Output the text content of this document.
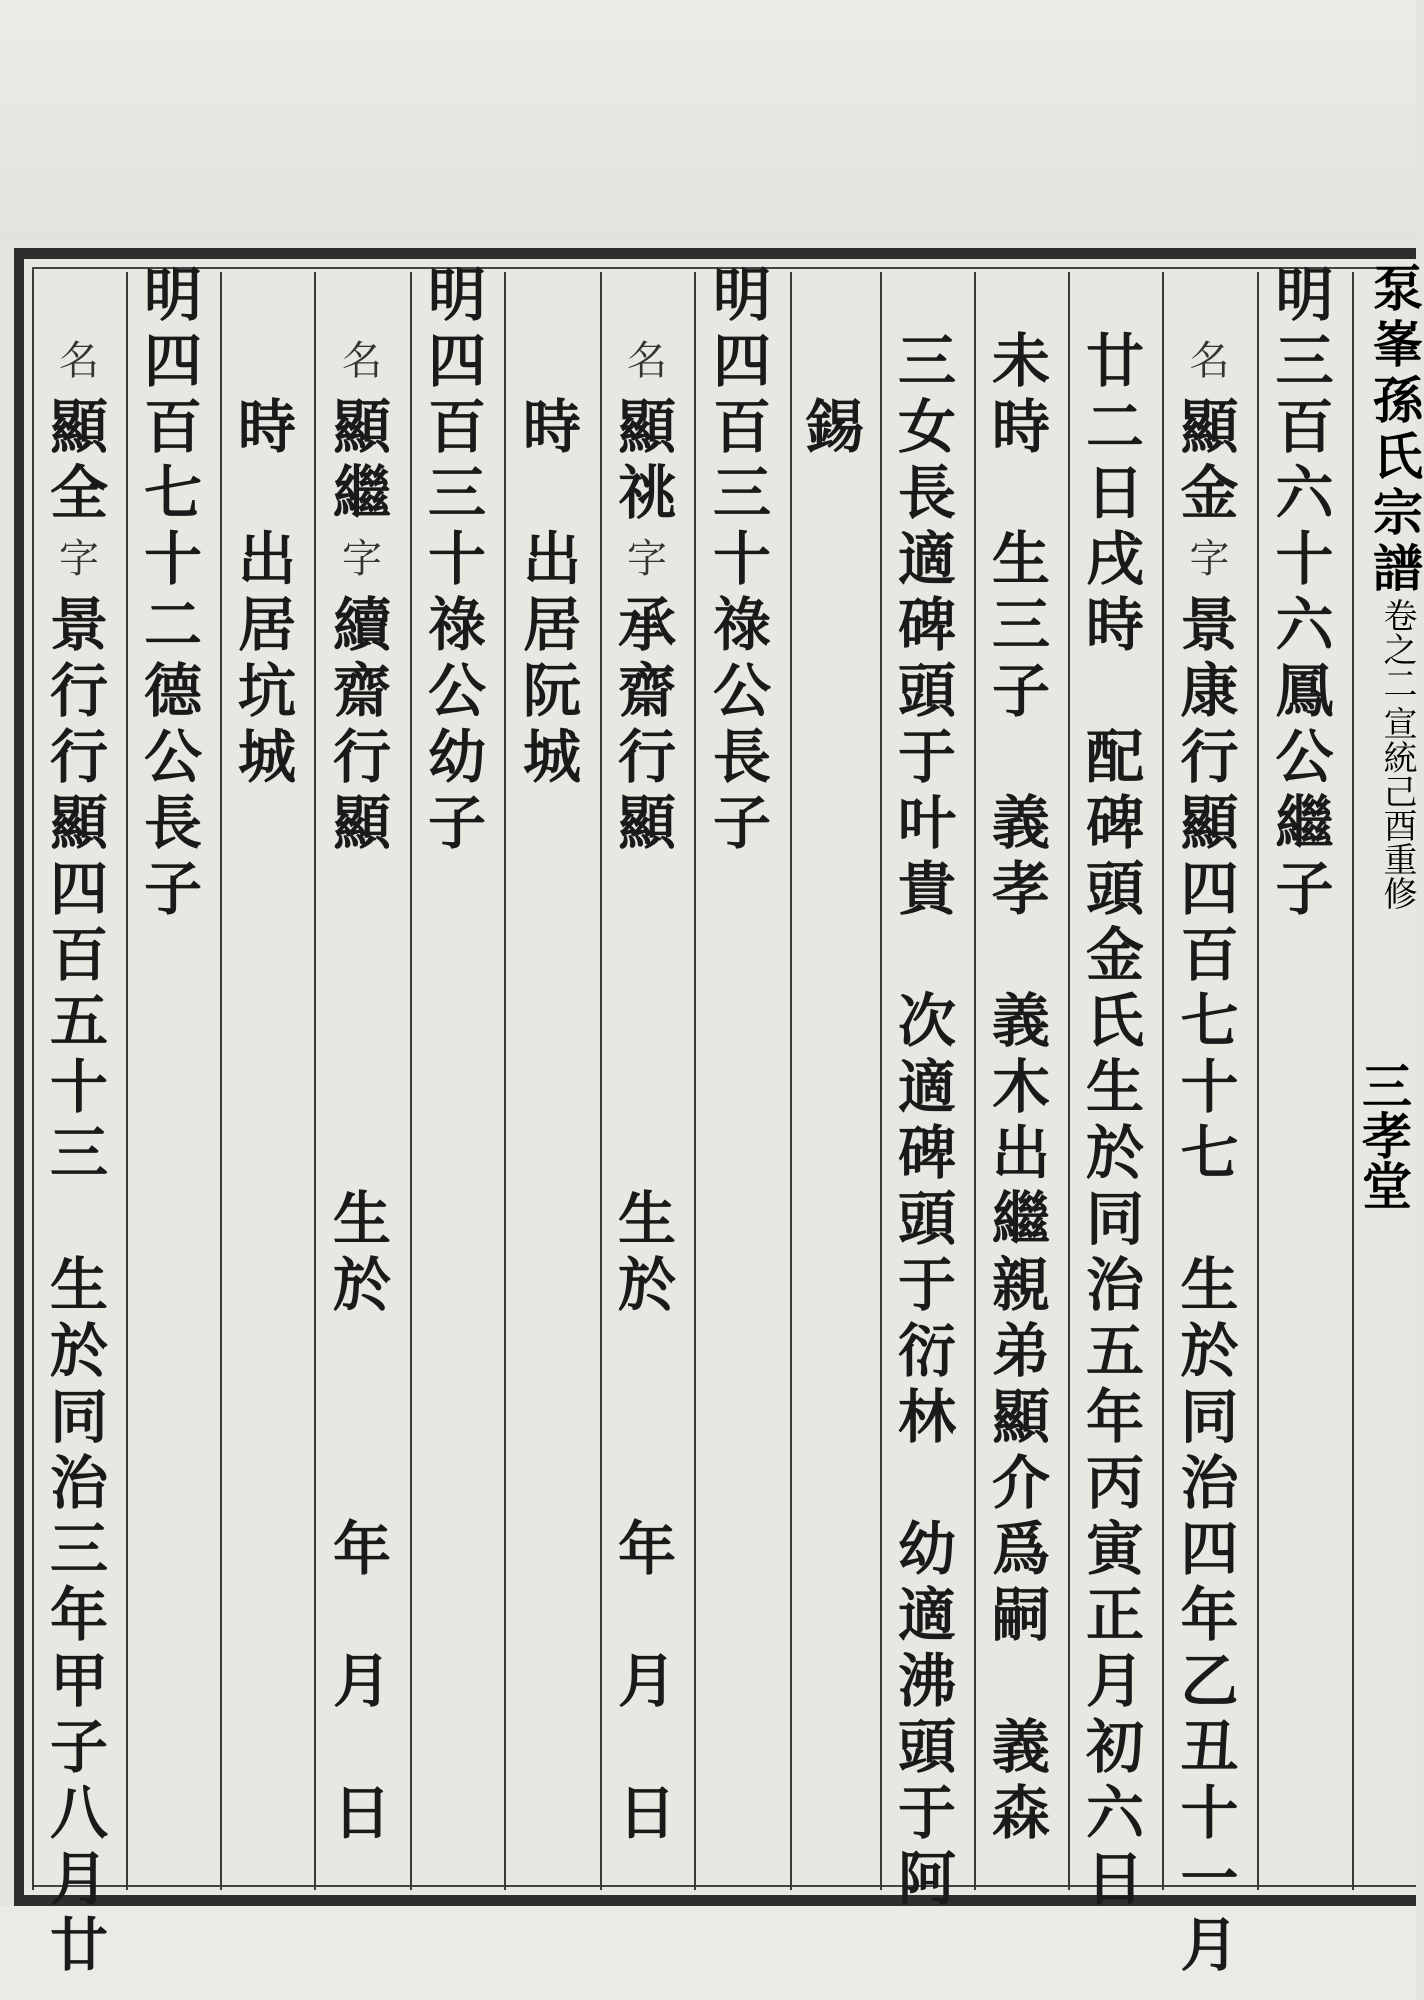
泵峯孫氏宗譜
卷之二
宣統己酉重修
三
孝堂
明
三
百
六
十
六
鳳
公
繼
子
名
顯
金
字
景
康
行
顯
四
百
七
十
七
生
於
同
治
四
年
乙
丑
十
一
月
廿
二
日
戌
時
配
碑
頭
金
氏
生
於
同
治
五
年
丙
寅
正
月
初
六
日
未
時
生
三
子
義
孝
義
木
出
繼
親
弟
顯
介
爲
嗣
義
森
三
女
長
適
碑
頭
于
叶
貴
次
適
碑
頭
于
衍
林
幼
適
沸
頭
于
阿
錫
明
四
百
三
十
祿
公
長
子
名
顯
祧
字
承
齋
行
顯
生
於
年
月
日
時
出
居
阮
城
明
四
百
三
十
祿
公
幼
子
名
顯
繼
字
續
齋
行
顯
生
於
年
月
日
時
出
居
坑
城
明
四
百
七
十
二
德
公
長
子
名
顯
全
字
景
行
行
顯
四
百
五
十
三
生
於
同
治
三
年
甲
子
八
月
廿
